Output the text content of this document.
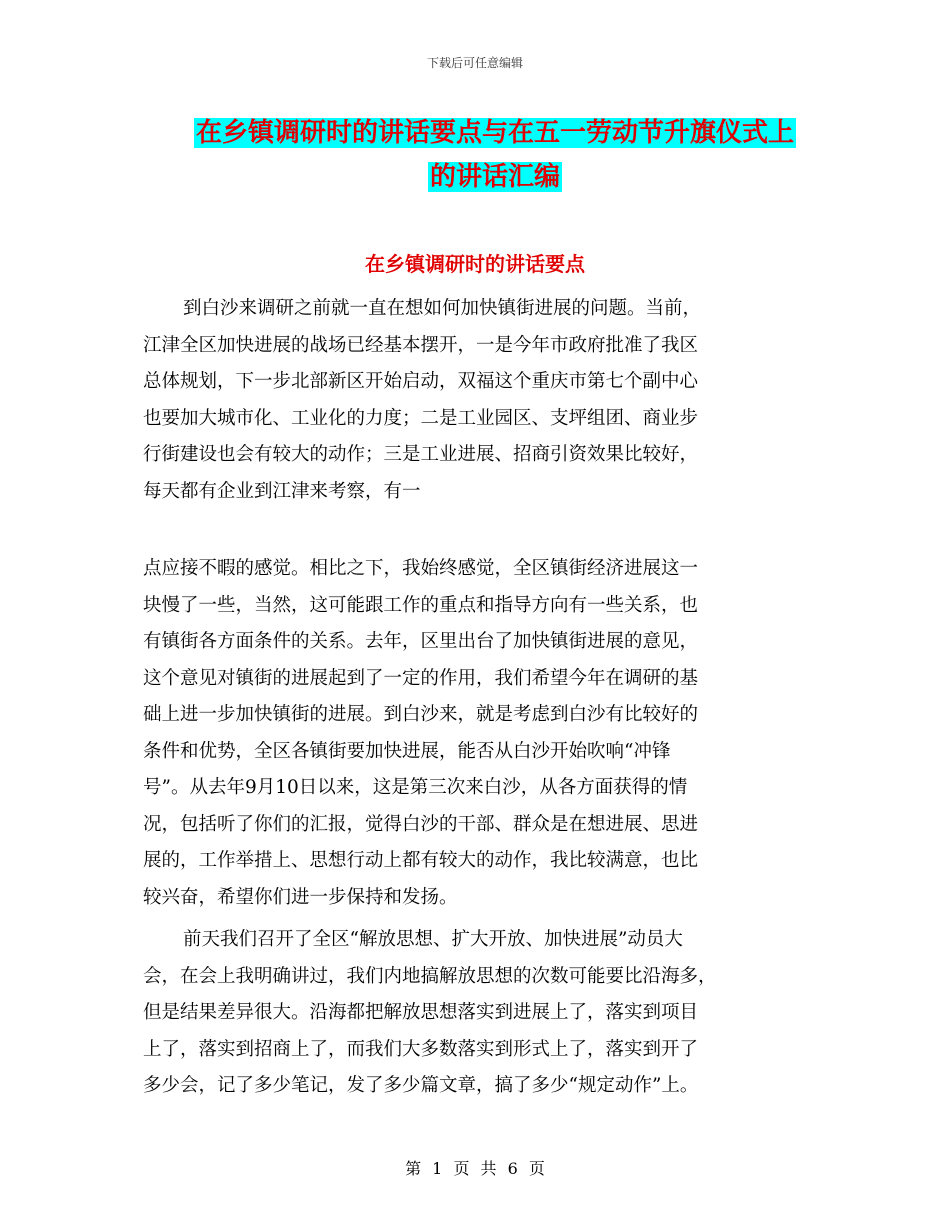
下载后可任意编辑
在乡镇调研时的讲话要点与在五一劳动节升旗仪式上
的讲话汇编
在乡镇调研时的讲话要点

到白沙来调研之前就一直在想如何加快镇街进展的问题。当前，
江津全区加快进展的战场已经基本摆开，一是今年市政府批准了我区
总体规划，下一步北部新区开始启动，双福这个重庆市第七个副中心
也要加大城市化、工业化的力度；二是工业园区、支坪组团、商业步
行街建设也会有较大的动作；三是工业进展、招商引资效果比较好，
每天都有企业到江津来考察，有一

点应接不暇的感觉。相比之下，我始终感觉，全区镇街经济进展这一
块慢了一些，当然，这可能跟工作的重点和指导方向有一些关系，也
有镇街各方面条件的关系。去年，区里出台了加快镇街进展的意见，
这个意见对镇街的进展起到了一定的作用，我们希望今年在调研的基
础上进一步加快镇街的进展。到白沙来，就是考虑到白沙有比较好的
条件和优势，全区各镇街要加快进展，能否从白沙开始吹响“冲锋
号”。从去年9月10日以来，这是第三次来白沙，从各方面获得的情
况，包括听了你们的汇报，觉得白沙的干部、群众是在想进展、思进
展的，工作举措上、思想行动上都有较大的动作，我比较满意，也比
较兴奋，希望你们进一步保持和发扬。

前天我们召开了全区“解放思想、扩大开放、加快进展”动员大
会，在会上我明确讲过，我们内地搞解放思想的次数可能要比沿海多，
但是结果差异很大。沿海都把解放思想落实到进展上了，落实到项目
上了，落实到招商上了，而我们大多数落实到形式上了，落实到开了
多少会，记了多少笔记，发了多少篇文章，搞了多少“规定动作”上。

第 1 页 共 6 页
